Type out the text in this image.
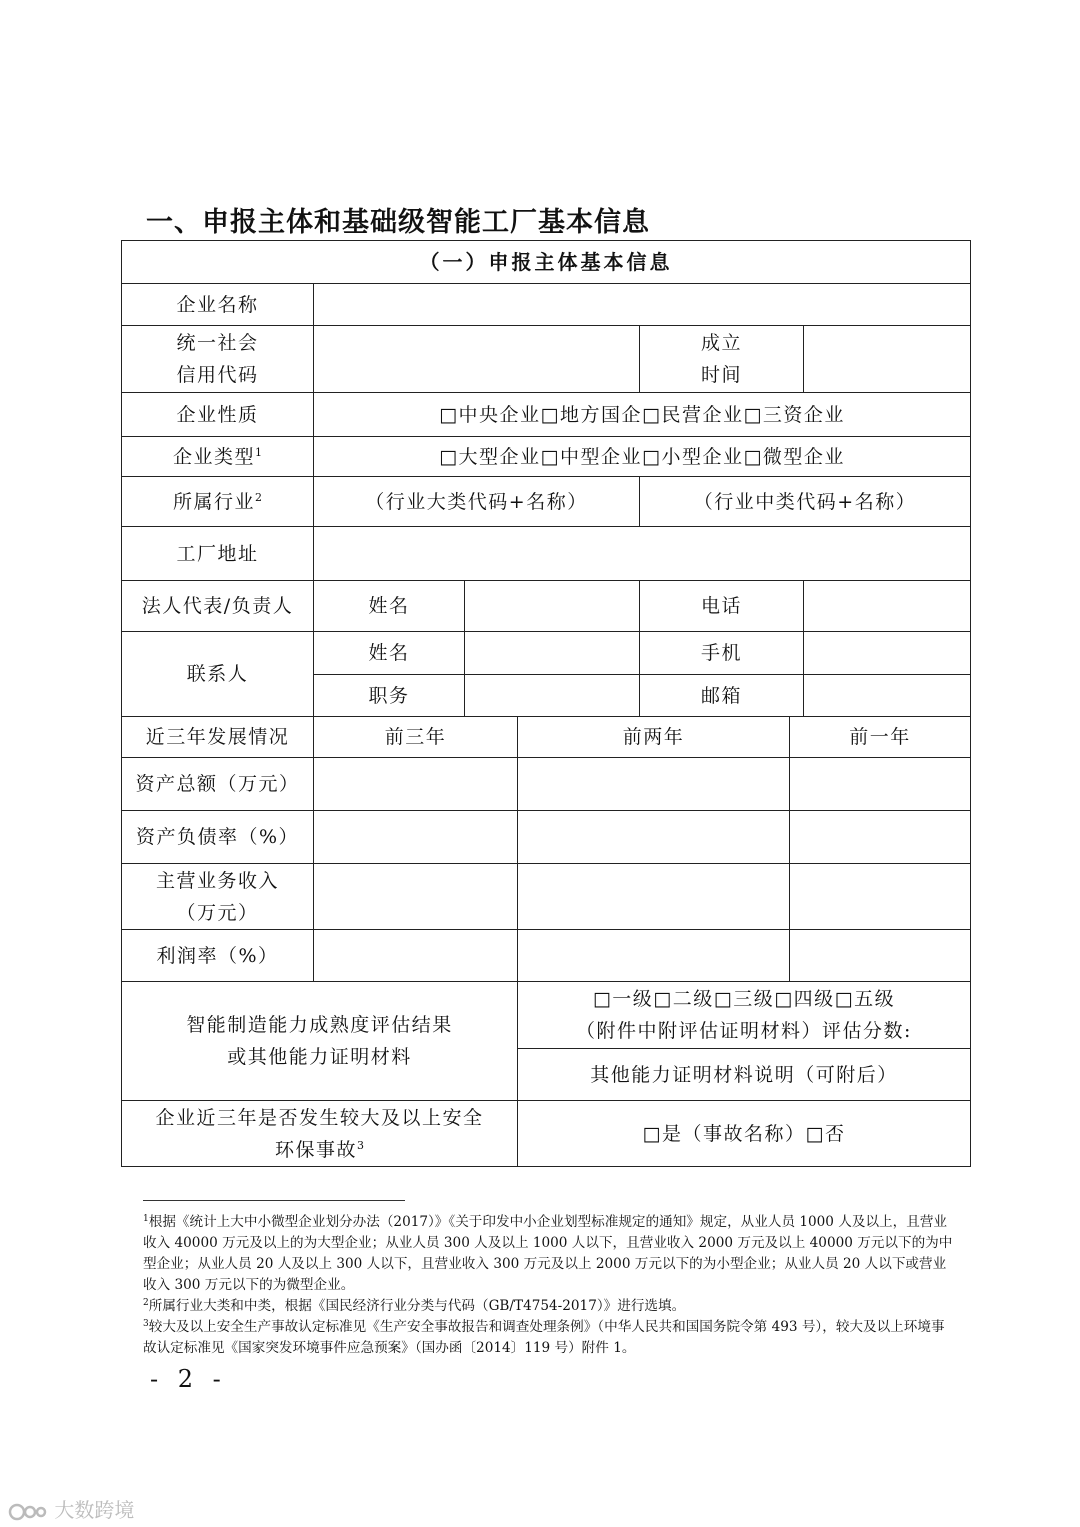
一、申报主体和基础级智能工厂基本信息
（一）申报主体基本信息						
企业名称						

统一社会
信用代码				成立
时间		

企业性质	□中央企业□地方国企□民营企业□三资企业					
企业类型$^1$	□大型企业□中型企业□小型企业□微型企业					
所属行业$^2$	（行业大类代码+名称）			（行业中类代码+名称）		
工厂地址						
法人代表/负责人	姓名			电话		
联系人	姓名			手机		
	职务			邮箱		
近三年发展情况	前三年		前两年		前一年	
资产总额（万元）						
资产负债率（%）						

主营业务收入
（万元）						

利润率（%）						

智能制造能力成熟度评估结果
或其他能力证明材料			□一级□二级□三级□四级□五级
（附件中附评估证明材料）评估分数:			

			其他能力证明材料说明（可附后）			

企业近三年是否发生较大及以上安全
环保事故$^3$			□是（事故名称）□否			

$^1$根据《统计上大中小微型企业划分办法（2017）》《关于印发中小企业划型标准规定的通知》规定，从业人员 1000 人及以上，且营业收入 40000 万元及以上的为大型企业；从业人员 300 人及以上 1000 人以下，且营业收入 2000 万元及以上 40000 万元以下的为中型企业；从业人员 20 人及以上 300 人以下，且营业收入 300 万元及以上 2000 万元以下的为小型企业；从业人员 20 人以下或营业收入 300 万元以下的为微型企业。

$^2$所属行业大类和中类，根据《国民经济行业分类与代码（GB/T4754-2017）》进行选填。

$^3$较大及以上安全生产事故认定标准见《生产安全事故报告和调查处理条例》（中华人民共和国国务院令第 493 号），较大及以上环境事故认定标准见《国家突发环境事件应急预案》（国办函〔2014〕119 号）附件 1。

- 2 -
大数跨境
